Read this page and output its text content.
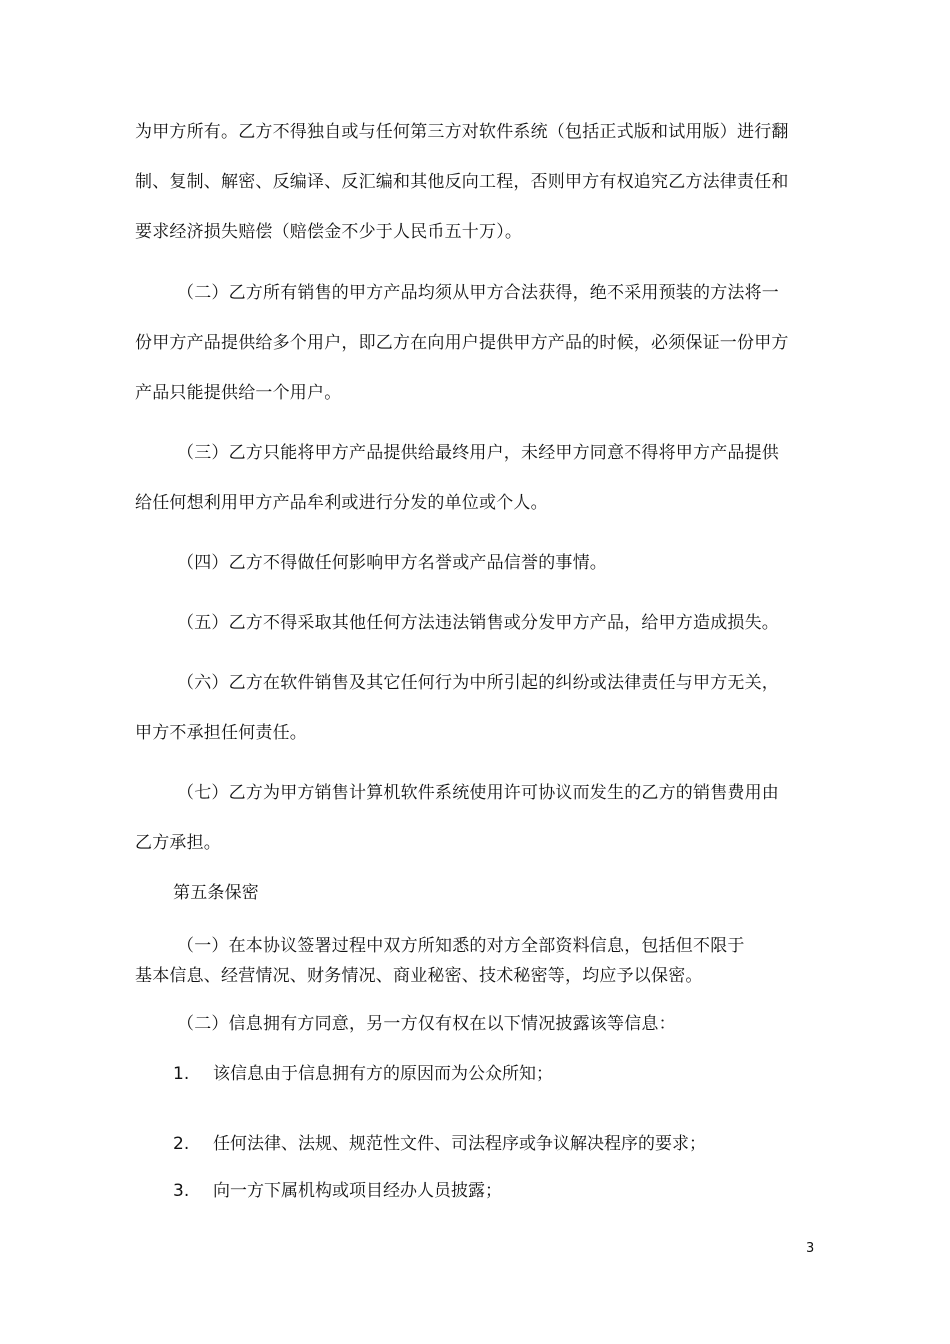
为甲方所有。乙方不得独自或与任何第三方对软件系统（包括正式版和试用版）进行翻
制、复制、解密、反编译、反汇编和其他反向工程，否则甲方有权追究乙方法律责任和
要求经济损失赔偿（赔偿金不少于人民币五十万）。
（二）乙方所有销售的甲方产品均须从甲方合法获得，绝不采用预装的方法将一
份甲方产品提供给多个用户，即乙方在向用户提供甲方产品的时候，必须保证一份甲方
产品只能提供给一个用户。
（三）乙方只能将甲方产品提供给最终用户，未经甲方同意不得将甲方产品提供
给任何想利用甲方产品牟利或进行分发的单位或个人。
（四）乙方不得做任何影响甲方名誉或产品信誉的事情。
（五）乙方不得采取其他任何方法违法销售或分发甲方产品，给甲方造成损失。
（六）乙方在软件销售及其它任何行为中所引起的纠纷或法律责任与甲方无关，
甲方不承担任何责任。
（七）乙方为甲方销售计算机软件系统使用许可协议而发生的乙方的销售费用由
乙方承担。
第五条保密
（一）在本协议签署过程中双方所知悉的对方全部资料信息，包括但不限于
基本信息、经营情况、财务情况、商业秘密、技术秘密等，均应予以保密。
（二）信息拥有方同意，另一方仅有权在以下情况披露该等信息：
1. 该信息由于信息拥有方的原因而为公众所知；
2. 任何法律、法规、规范性文件、司法程序或争议解决程序的要求；
3. 向一方下属机构或项目经办人员披露；
3
